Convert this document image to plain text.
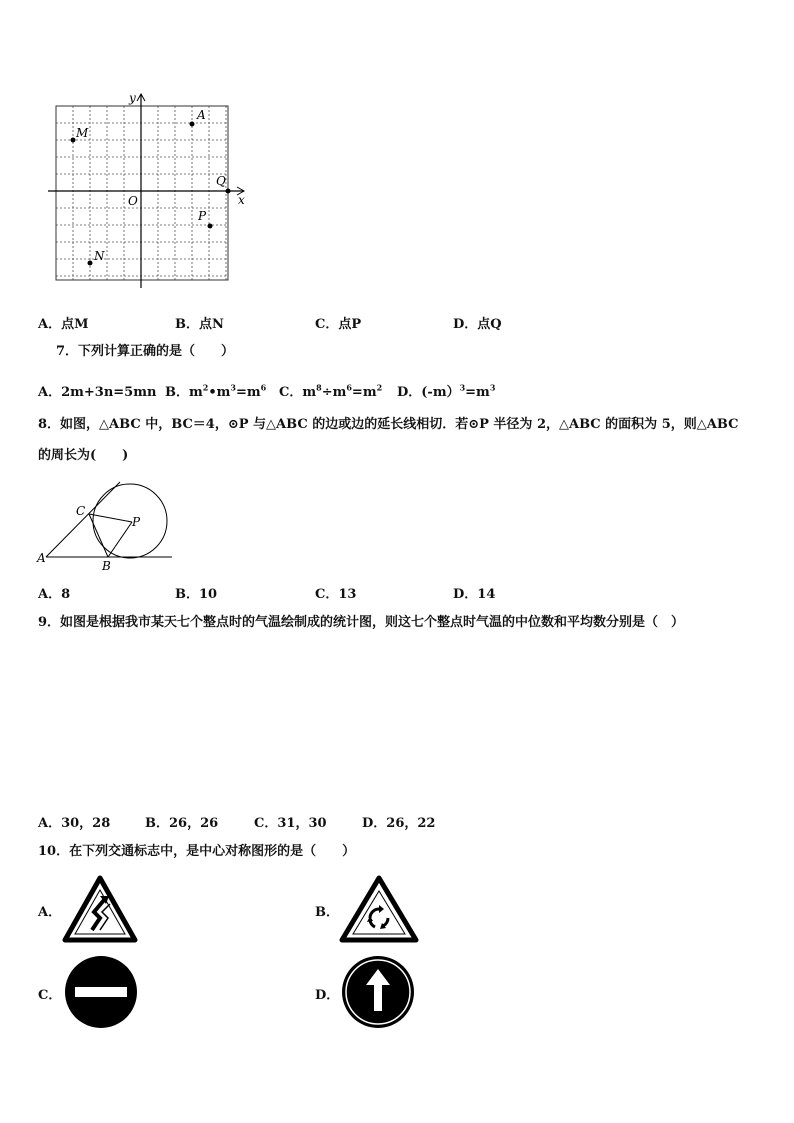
x
y
O
A
M
Q
P
N
A．点M	B．点N	C．点P	D．点Q
7．下列计算正确的是（　　）
A．2m+3n=5mn B．$m^2•m^3=m^6$ C．$m^8\div m^6=m^2$ D．$(-m)^3=m^3$
8．如图，△ABC 中，BC＝4，⊙P 与△ABC 的边或边的延长线相切．若⊙P 半径为 2，△ABC 的面积为 5，则△ABC
的周长为(　　)
A
B
C
P
A．8	B．10	C．13	D．14
9．如图是根据我市某天七个整点时的气温绘制成的统计图，则这七个整点时气温的中位数和平均数分别是（　）
A．30，28	B．26，26	C．31，30	D．26，22
10．在下列交通标志中，是中心对称图形的是（　　）
A．	B．
C．	D．
